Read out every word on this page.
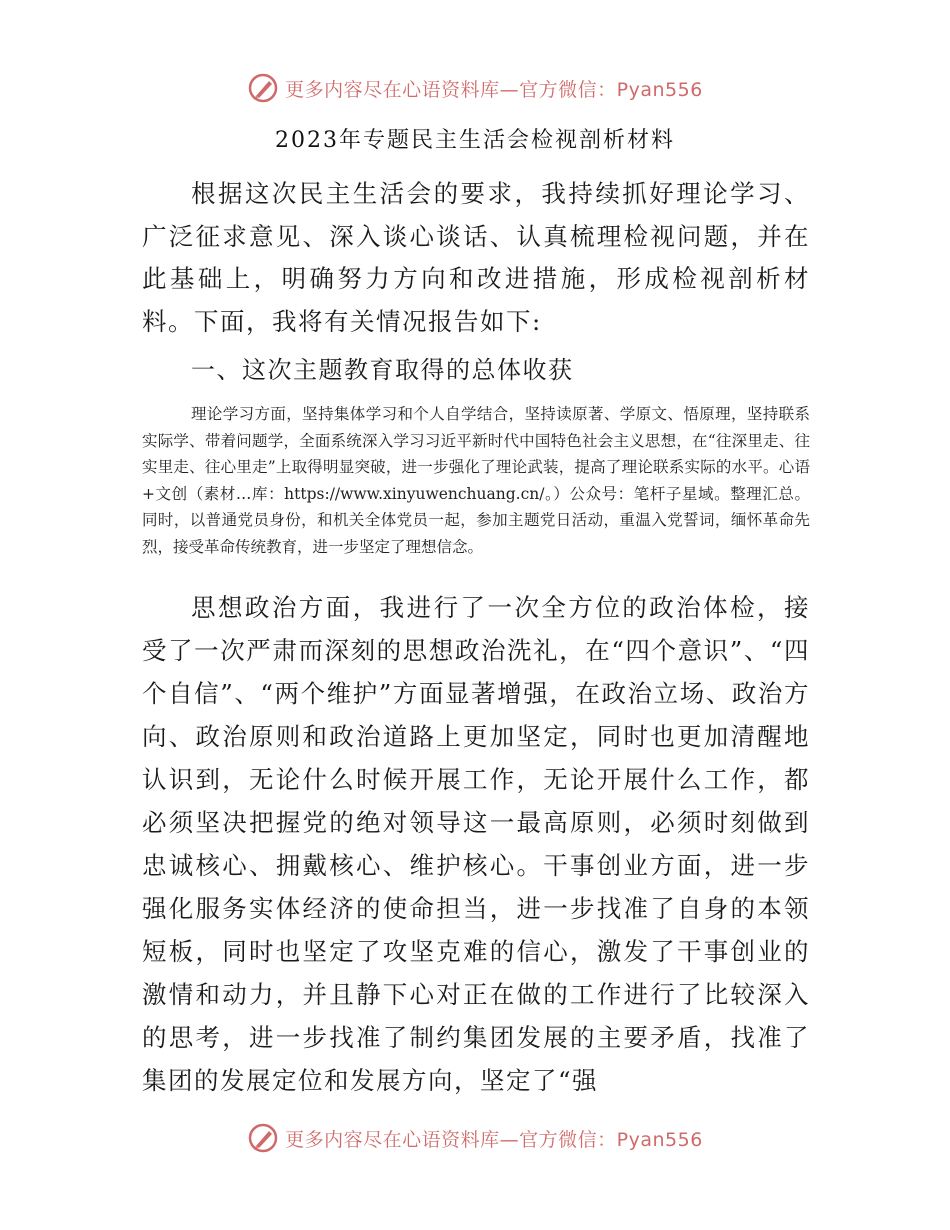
更多内容尽在心语资料库—官方微信：Pyan556
2023年专题民主生活会检视剖析材料

根据这次民主生活会的要求，我持续抓好理论学习、广泛征求意见、深入谈心谈话、认真梳理检视问题，并在此基础上，明确努力方向和改进措施，形成检视剖析材料。下面，我将有关情况报告如下:

一、这次主题教育取得的总体收获

理论学习方面，坚持集体学习和个人自学结合，坚持读原著、学原文、悟原理，坚持联系实际学、带着问题学，全面系统深入学习习近平新时代中国特色社会主义思想，在“往深里走、往实里走、往心里走”上取得明显突破，进一步强化了理论武装，提高了理论联系实际的水平。心语+文创（素材…库：https://www.xinyuwenchuang.cn/。）公众号：笔杆子星域。整理汇总。同时，以普通党员身份，和机关全体党员一起，参加主题党日活动，重温入党誓词，缅怀革命先烈，接受革命传统教育，进一步坚定了理想信念。

思想政治方面，我进行了一次全方位的政治体检，接受了一次严肃而深刻的思想政治洗礼，在“四个意识”、“四个自信”、“两个维护”方面显著增强，在政治立场、政治方向、政治原则和政治道路上更加坚定，同时也更加清醒地认识到，无论什么时候开展工作，无论开展什么工作，都必须坚决把握党的绝对领导这一最高原则，必须时刻做到忠诚核心、拥戴核心、维护核心。干事创业方面，进一步强化服务实体经济的使命担当，进一步找准了自身的本领短板，同时也坚定了攻坚克难的信心，激发了干事创业的激情和动力，并且静下心对正在做的工作进行了比较深入的思考，进一步找准了制约集团发展的主要矛盾，找准了集团的发展定位和发展方向，坚定了“强

更多内容尽在心语资料库—官方微信：Pyan556
